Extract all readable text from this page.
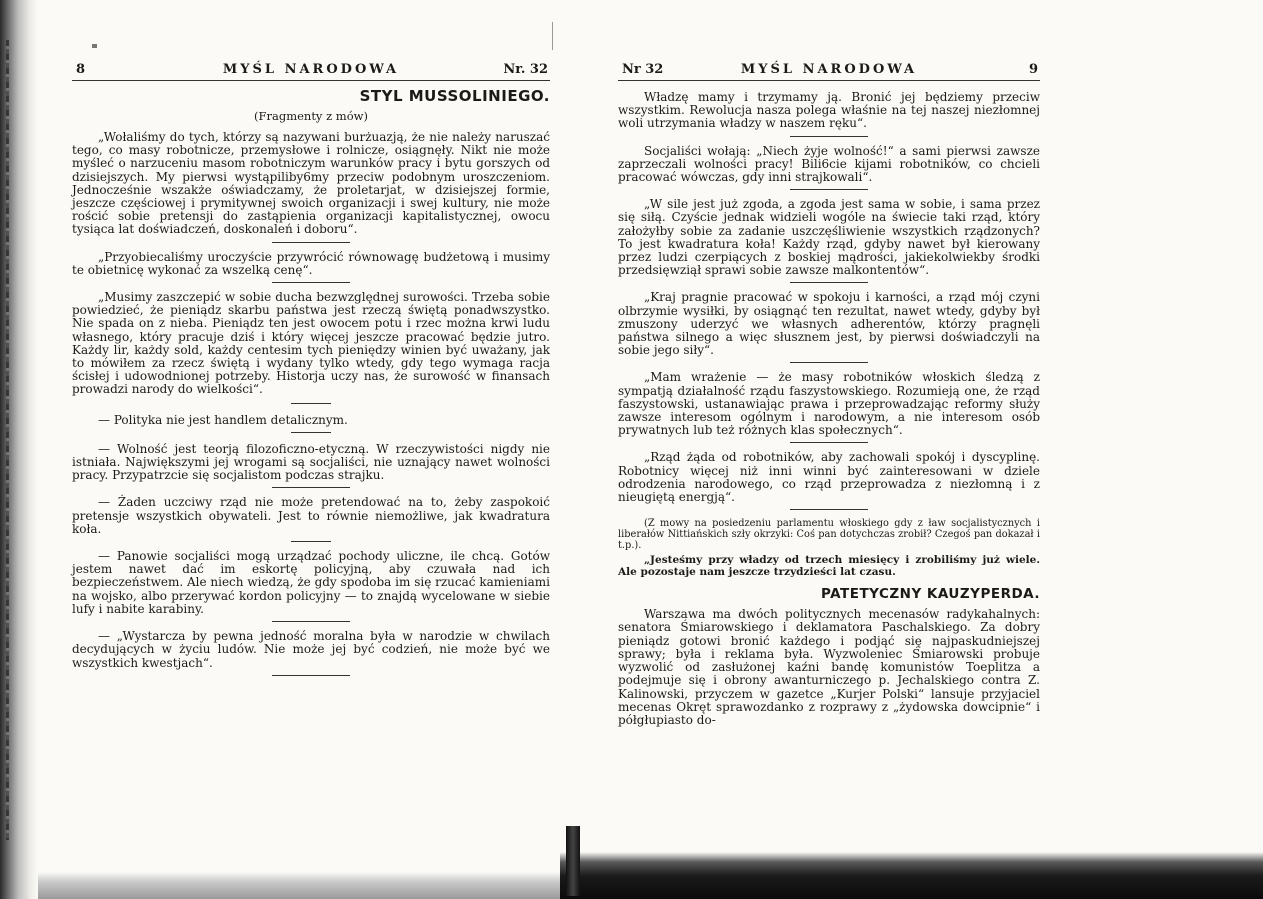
8	MYŚL NARODOWA	Nr. 32
STYL MUSSOLINIEGO.
(Fragmenty z mów)

„Wołaliśmy do tych, którzy są nazywani burżuazją, że nie należy naruszać tego, co masy robotnicze, przemysłowe i rolnicze, osiągnęły. Nikt nie może myśleć o narzuceniu masom robotniczym warunków pracy i bytu gorszych od dzisiejszych. My pierwsi wystąpiliby6my przeciw podobnym uroszczeniom. Jednocześnie wszakże oświadczamy, że proletarjat, w dzisiejszej formie, jeszcze częściowej i prymitywnej swoich organizacji i swej kultury, nie może rościć sobie pretensji do zastąpienia organizacji kapitalistycznej, owocu tysiąca lat doświadczeń, doskonaleń i doboru“.

„Przyobiecaliśmy uroczyście przywrócić równowagę budżetową i musimy te obietnicę wykonać za wszelką cenę“.

„Musimy zaszczepić w sobie ducha bezwzględnej surowości. Trzeba sobie powiedzieć, że pieniądz skarbu państwa jest rzeczą świętą ponadwszystko. Nie spada on z nieba. Pieniądz ten jest owocem potu i rzec można krwi ludu własnego, który pracuje dziś i który więcej jeszcze pracować będzie jutro. Każdy lir, każdy sold, każdy centesim tych pieniędzy winien być uważany, jak to mówiłem za rzecz świętą i wydany tylko wtedy, gdy tego wymaga racja ścisłej i udowodnionej potrzeby. Historja uczy nas, że surowość w finansach prowadzi narody do wielkości“.

— Polityka nie jest handlem detalicznym.

— Wolność jest teorją filozoficzno-etyczną. W rzeczywistości nigdy nie istniała. Największymi jej wrogami są socjaliści, nie uznający nawet wolności pracy. Przypatrzcie się socjalistom podczas strajku.

— Żaden uczciwy rząd nie może pretendować na to, żeby zaspokoić pretensje wszystkich obywateli. Jest to równie niemożliwe, jak kwadratura koła.

— Panowie socjaliści mogą urządzać pochody uliczne, ile chcą. Gotów jestem nawet dać im eskortę policyjną, aby czuwała nad ich bezpieczeństwem. Ale niech wiedzą, że gdy spodoba im się rzucać kamieniami na wojsko, albo przerywać kordon policyjny — to znajdą wycelowane w siebie lufy i nabite karabiny.

— „Wystarcza by pewna jedność moralna była w narodzie w chwilach decydujących w życiu ludów. Nie może jej być codzień, nie może być we wszystkich kwestjach“.

Nr 32	MYŚL NARODOWA	9

Władzę mamy i trzymamy ją. Bronić jej będziemy przeciw wszystkim. Rewolucja nasza polega właśnie na tej naszej niezłomnej woli utrzymania władzy w naszem ręku“.

Socjaliści wołają: „Niech żyje wolność!“ a sami pierwsi zawsze zaprzeczali wolności pracy! Bili6cie kijami robotników, co chcieli pracować wówczas, gdy inni strajkowali“.

„W sile jest już zgoda, a zgoda jest sama w sobie, i sama przez się siłą. Czyście jednak widzieli wogóle na świecie taki rząd, który założyłby sobie za zadanie uszczęśliwienie wszystkich rządzonych? To jest kwadratura koła! Każdy rząd, gdyby nawet był kierowany przez ludzi czerpiących z boskiej mądrości, jakiekolwiekby środki przedsięwziął sprawi sobie zawsze malkontentów“.

„Kraj pragnie pracować w spokoju i karności, a rząd mój czyni olbrzymie wysiłki, by osiągnąć ten rezultat, nawet wtedy, gdyby był zmuszony uderzyć we własnych adherentów, którzy pragnęli państwa silnego a więc słusznem jest, by pierwsi doświadczyli na sobie jego siły“.

„Mam wrażenie — że masy robotników włoskich śledzą z sympatją działalność rządu faszystowskiego. Rozumieją one, że rząd faszystowski, ustanawiając prawa i przeprowadzając reformy służy zawsze interesom ogólnym i narodowym, a nie interesom osób prywatnych lub też różnych klas społecznych“.

„Rząd żąda od robotników, aby zachowali spokój i dyscyplinę. Robotnicy więcej niż inni winni być zainteresowani w dziele odrodzenia narodowego, co rząd przeprowadza z niezłomną i z nieugiętą energją“.

(Z mowy na posiedzeniu parlamentu włoskiego gdy z ław socjalistycznych i liberałów Nittiańskich szły okrzyki: Coś pan dotychczas zrobił? Czegoś pan dokazał i t.p.).

„Jesteśmy przy władzy od trzech miesięcy i zrobiliśmy już wiele. Ale pozostaje nam jeszcze trzydzieści lat czasu.

PATETYCZNY KAUZYPERDA.

Warszawa ma dwóch politycznych mecenasów radykahalnych: senatora Śmiarowskiego i deklamatora Paschalskiego. Za dobry pieniądz gotowi bronić każdego i podjąć się najpaskudniejszej sprawy; była i reklama była. Wyzwoleniec Śmiarowski probuje wyzwolić od zasłużonej kaźni bandę komunistów Toeplitza a podejmuje się i obrony awanturniczego p. Jechalskiego contra Z. Kalinowski, przyczem w gazetce „Kurjer Polski“ lansuje przyjaciel mecenas Okręt sprawozdanko z rozprawy z „żydowska dowcipnie“ i półgłupiasto do-
